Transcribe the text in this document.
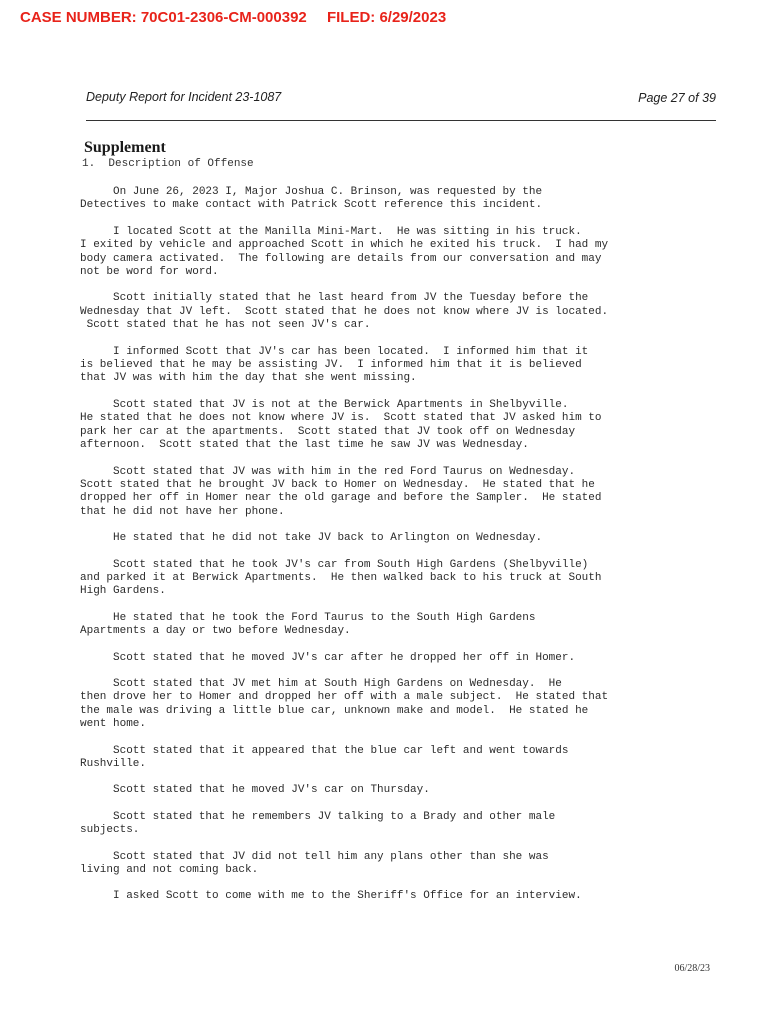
CASE NUMBER: 70C01-2306-CM-000392 FILED: 6/29/2023
Deputy Report for Incident 23-1087	Page 27 of 39
Supplement
1.  Description of Offense

On June 26, 2023 I, Major Joshua C. Brinson, was requested by the
Detectives to make contact with Patrick Scott reference this incident.

I located Scott at the Manilla Mini-Mart.  He was sitting in his truck.
I exited by vehicle and approached Scott in which he exited his truck.  I had my
body camera activated.  The following are details from our conversation and may
not be word for word.

Scott initially stated that he last heard from JV the Tuesday before the
Wednesday that JV left.  Scott stated that he does not know where JV is located.
Scott stated that he has not seen JV's car.

I informed Scott that JV's car has been located.  I informed him that it
is believed that he may be assisting JV.  I informed him that it is believed
that JV was with him the day that she went missing.

Scott stated that JV is not at the Berwick Apartments in Shelbyville.
He stated that he does not know where JV is.  Scott stated that JV asked him to
park her car at the apartments.  Scott stated that JV took off on Wednesday
afternoon.  Scott stated that the last time he saw JV was Wednesday.

Scott stated that JV was with him in the red Ford Taurus on Wednesday.
Scott stated that he brought JV back to Homer on Wednesday.  He stated that he
dropped her off in Homer near the old garage and before the Sampler.  He stated
that he did not have her phone.

He stated that he did not take JV back to Arlington on Wednesday.

Scott stated that he took JV's car from South High Gardens (Shelbyville)
and parked it at Berwick Apartments.  He then walked back to his truck at South
High Gardens.

He stated that he took the Ford Taurus to the South High Gardens
Apartments a day or two before Wednesday.

Scott stated that he moved JV's car after he dropped her off in Homer.

Scott stated that JV met him at South High Gardens on Wednesday.  He
then drove her to Homer and dropped her off with a male subject.  He stated that
the male was driving a little blue car, unknown make and model.  He stated he
went home.

Scott stated that it appeared that the blue car left and went towards
Rushville.

Scott stated that he moved JV's car on Thursday.

Scott stated that he remembers JV talking to a Brady and other male
subjects.

Scott stated that JV did not tell him any plans other than she was
living and not coming back.

I asked Scott to come with me to the Sheriff's Office for an interview.

06/28/23
